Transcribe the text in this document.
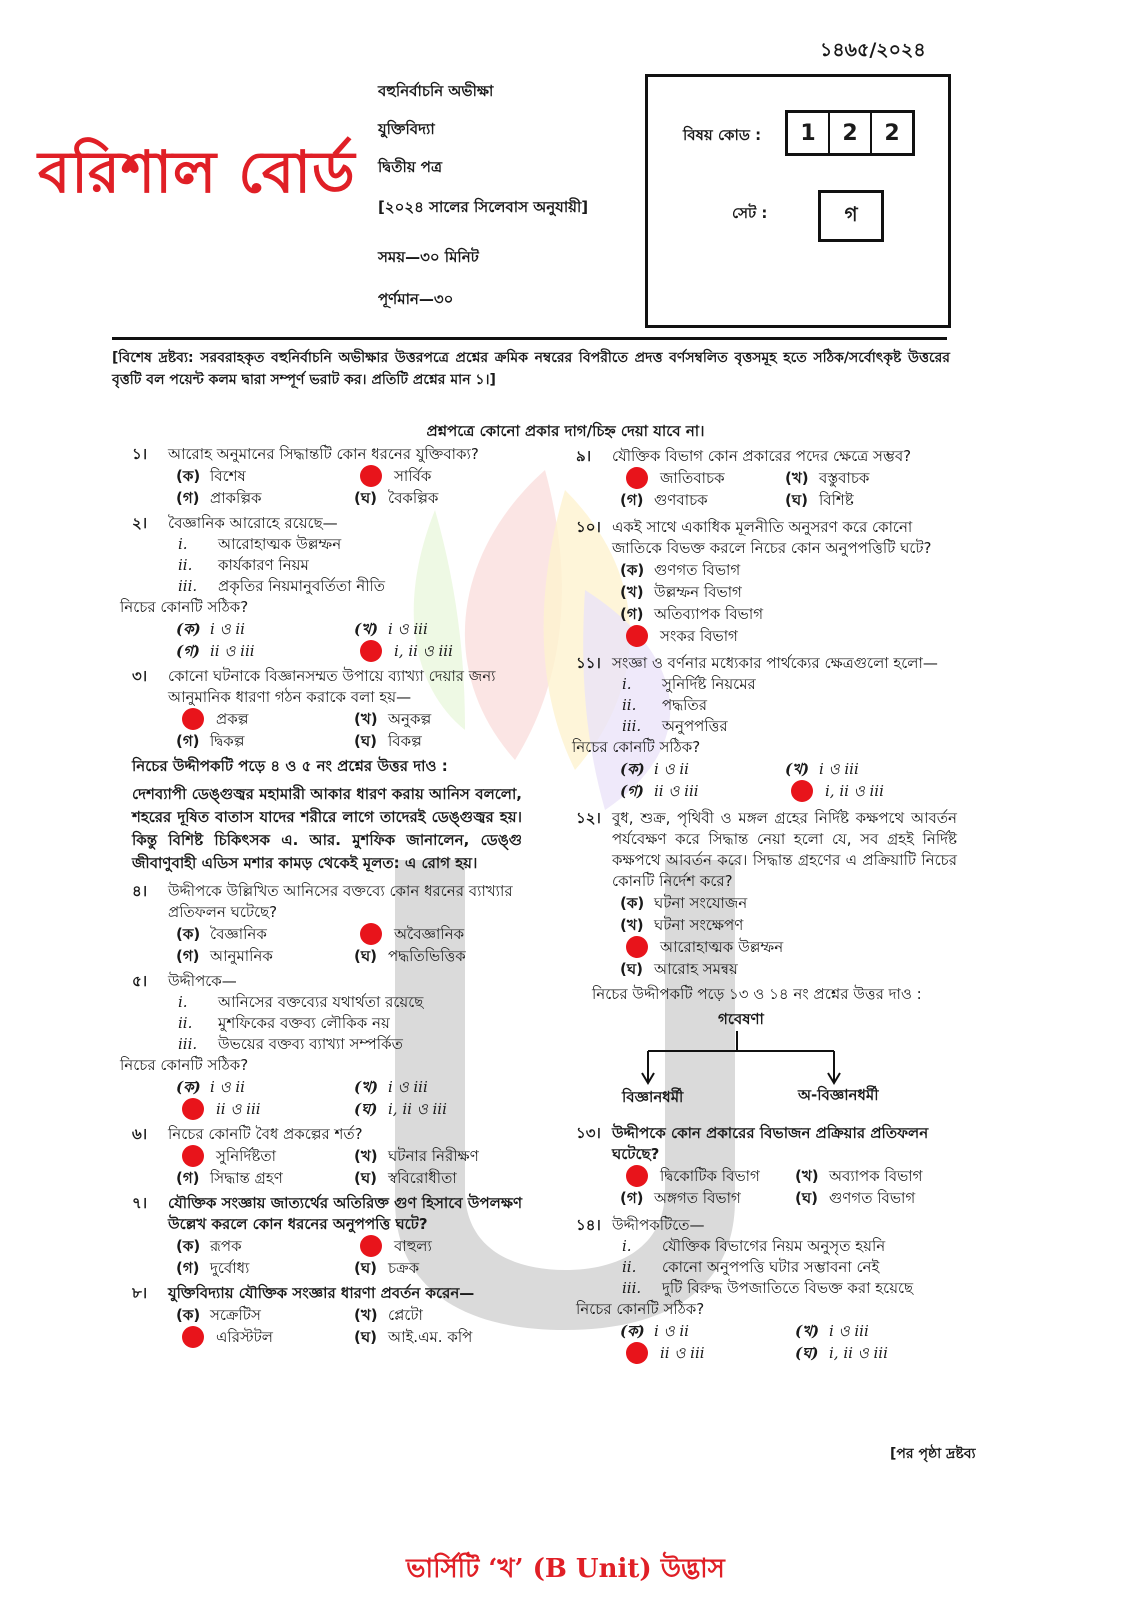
১৪৬৫/২০২৪
বরিশাল বোর্ড
বহুনির্বাচনি অভীক্ষা
যুক্তিবিদ্যা
দ্বিতীয় পত্র
[২০২৪ সালের সিলেবাস অনুযায়ী]
সময়—৩০ মিনিট
পূর্ণমান—৩০
বিষয় কোড :	1	2	2
সেট :	গ
[বিশেষ দ্রষ্টব্য: সরবরাহকৃত বহুনির্বাচনি অভীক্ষার উত্তরপত্রে প্রশ্নের ক্রমিক নম্বরের বিপরীতে প্রদত্ত বর্ণসম্বলিত বৃত্তসমূহ হতে সঠিক/সর্বোৎকৃষ্ট উত্তরের বৃত্তটি বল পয়েন্ট কলম দ্বারা সম্পূর্ণ ভরাট কর। প্রতিটি প্রশ্নের মান ১।]
প্রশ্নপত্রে কোনো প্রকার দাগ/চিহ্ন দেয়া যাবে না।
১। আরোহ অনুমানের সিদ্ধান্তটি কোন ধরনের যুক্তিবাক্য?
(ক) বিশেষ	সার্বিক
(গ) প্রাকল্পিক	(ঘ) বৈকল্পিক
২। বৈজ্ঞানিক আরোহে রয়েছে—
i.	আরোহাত্মক উল্লম্ফন
ii.	কার্যকারণ নিয়ম
iii.	প্রকৃতির নিয়মানুবর্তিতা নীতি
নিচের কোনটি সঠিক?
(ক) i ও ii	(খ) i ও iii
(গ) ii ও iii	i, ii ও iii
৩। কোনো ঘটনাকে বিজ্ঞানসম্মত উপায়ে ব্যাখ্যা দেয়ার জন্য আনুমানিক ধারণা গঠন করাকে বলা হয়—
প্রকল্প	(খ) অনুকল্প
(গ) দ্বিকল্প	(ঘ) বিকল্প
নিচের উদ্দীপকটি পড়ে ৪ ও ৫ নং প্রশ্নের উত্তর দাও :
দেশব্যাপী ডেঙ্গুজ্বর মহামারী আকার ধারণ করায় আনিস বললো, শহরের দূষিত বাতাস যাদের শরীরে লাগে তাদেরই ডেঙ্গুজ্বর হয়। কিন্তু বিশিষ্ট চিকিৎসক এ. আর. মুশফিক জানালেন, ডেঙ্গু জীবাণুবাহী এডিস মশার কামড় থেকেই মূলত: এ রোগ হয়।
৪। উদ্দীপকে উল্লিখিত আনিসের বক্তব্যে কোন ধরনের ব্যাখ্যার প্রতিফলন ঘটেছে?
(ক) বৈজ্ঞানিক	অবৈজ্ঞানিক
(গ) আনুমানিক	(ঘ) পদ্ধতিভিত্তিক
৫। উদ্দীপকে—
i.	আনিসের বক্তব্যের যথার্থতা রয়েছে
ii.	মুশফিকের বক্তব্য লৌকিক নয়
iii.	উভয়ের বক্তব্য ব্যাখ্যা সম্পর্কিত
নিচের কোনটি সঠিক?
(ক) i ও ii	(খ) i ও iii
ii ও iii	(ঘ) i, ii ও iii
৬। নিচের কোনটি বৈধ প্রকল্পের শর্ত?
সুনির্দিষ্টতা	(খ) ঘটনার নিরীক্ষণ
(গ) সিদ্ধান্ত গ্রহণ	(ঘ) স্ববিরোধীতা
৭। যৌক্তিক সংজ্ঞায় জাত্যর্থের অতিরিক্ত গুণ হিসাবে উপলক্ষণ উল্লেখ করলে কোন ধরনের অনুপপত্তি ঘটে?
(ক) রূপক	বাহুল্য
(গ) দুর্বোধ্য	(ঘ) চক্রক
৮। যুক্তিবিদ্যায় যৌক্তিক সংজ্ঞার ধারণা প্রবর্তন করেন—
(ক) সক্রেটিস	(খ) প্লেটো
এরিস্টটল	(ঘ) আই.এম. কপি
৯। যৌক্তিক বিভাগ কোন প্রকারের পদের ক্ষেত্রে সম্ভব?
জাতিবাচক	(খ) বস্তুবাচক
(গ) গুণবাচক	(ঘ) বিশিষ্ট
১০। একই সাথে একাধিক মূলনীতি অনুসরণ করে কোনো জাতিকে বিভক্ত করলে নিচের কোন অনুপপত্তিটি ঘটে?
(ক) গুণগত বিভাগ
(খ) উল্লম্ফন বিভাগ
(গ) অতিব্যাপক বিভাগ
সংকর বিভাগ
১১। সংজ্ঞা ও বর্ণনার মধ্যেকার পার্থক্যের ক্ষেত্রগুলো হলো—
i.	সুনির্দিষ্ট নিয়মের
ii.	পদ্ধতির
iii.	অনুপপত্তির
নিচের কোনটি সঠিক?
(ক) i ও ii	(খ) i ও iii
(গ) ii ও iii	i, ii ও iii
১২। বুধ, শুক্র, পৃথিবী ও মঙ্গল গ্রহের নির্দিষ্ট কক্ষপথে আবর্তন পর্যবেক্ষণ করে সিদ্ধান্ত নেয়া হলো যে, সব গ্রহই নির্দিষ্ট কক্ষপথে আবর্তন করে। সিদ্ধান্ত গ্রহণের এ প্রক্রিয়াটি নিচের কোনটি নির্দেশ করে?
(ক) ঘটনা সংযোজন
(খ) ঘটনা সংক্ষেপণ
আরোহাত্মক উল্লম্ফন
(ঘ) আরোহ সমন্বয়
নিচের উদ্দীপকটি পড়ে ১৩ ও ১৪ নং প্রশ্নের উত্তর দাও :
গবেষণা
বিজ্ঞানধর্মী	অ-বিজ্ঞানধর্মী
১৩। উদ্দীপকে কোন প্রকারের বিভাজন প্রক্রিয়ার প্রতিফলন ঘটেছে?
দ্বিকোটিক বিভাগ (খ) অব্যাপক বিভাগ
(গ) অঙ্গগত বিভাগ	(ঘ) গুণগত বিভাগ
১৪। উদ্দীপকটিতে—
i.	যৌক্তিক বিভাগের নিয়ম অনুসৃত হয়নি
ii.	কোনো অনুপপত্তি ঘটার সম্ভাবনা নেই
iii.	দুটি বিরুদ্ধ উপজাতিতে বিভক্ত করা হয়েছে
নিচের কোনটি সঠিক?
(ক) i ও ii	(খ) i ও iii
ii ও iii	(ঘ) i, ii ও iii
[পর পৃষ্ঠা দ্রষ্টব্য
ভার্সিটি ‘খ’ (B Unit) উদ্ভাস
